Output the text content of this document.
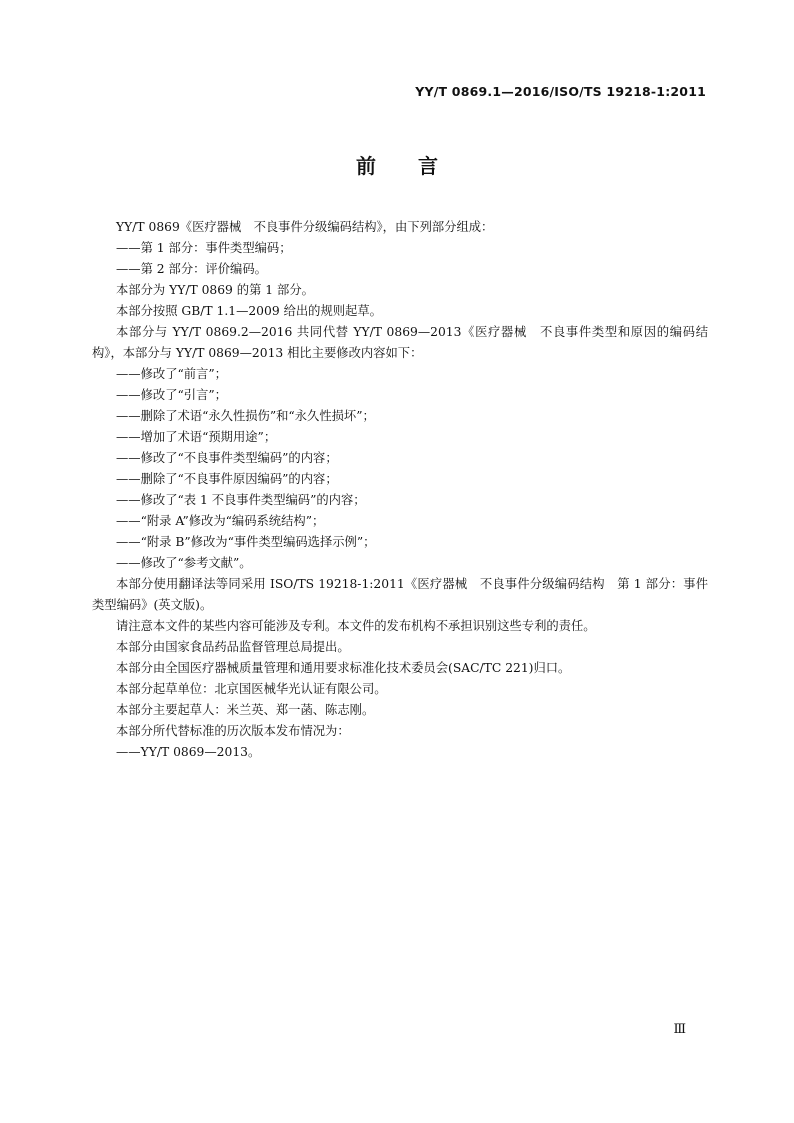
YY/T 0869.1—2016/ISO/TS 19218-1:2011
前言

YY/T 0869《医疗器械　不良事件分级编码结构》，由下列部分组成：

——第 1 部分：事件类型编码；

——第 2 部分：评价编码。

本部分为 YY/T 0869 的第 1 部分。

本部分按照 GB/T 1.1—2009 给出的规则起草。

本部分与 YY/T 0869.2—2016 共同代替 YY/T 0869—2013《医疗器械　不良事件类型和原因的编码结构》，本部分与 YY/T 0869—2013 相比主要修改内容如下：

——修改了“前言”；

——修改了“引言”；

——删除了术语“永久性损伤”和“永久性损坏”；

——增加了术语“预期用途”；

——修改了“不良事件类型编码”的内容；

——删除了“不良事件原因编码”的内容；

——修改了“表 1 不良事件类型编码”的内容；

——“附录 A”修改为“编码系统结构”；

——“附录 B”修改为“事件类型编码选择示例”；

——修改了“参考文献”。

本部分使用翻译法等同采用 ISO/TS 19218-1:2011《医疗器械　不良事件分级编码结构　第 1 部分：事件类型编码》(英文版)。

请注意本文件的某些内容可能涉及专利。本文件的发布机构不承担识别这些专利的责任。

本部分由国家食品药品监督管理总局提出。

本部分由全国医疗器械质量管理和通用要求标准化技术委员会(SAC/TC 221)归口。

本部分起草单位：北京国医械华光认证有限公司。

本部分主要起草人：米兰英、郑一菡、陈志刚。

本部分所代替标准的历次版本发布情况为：

——YY/T 0869—2013。

Ⅲ
